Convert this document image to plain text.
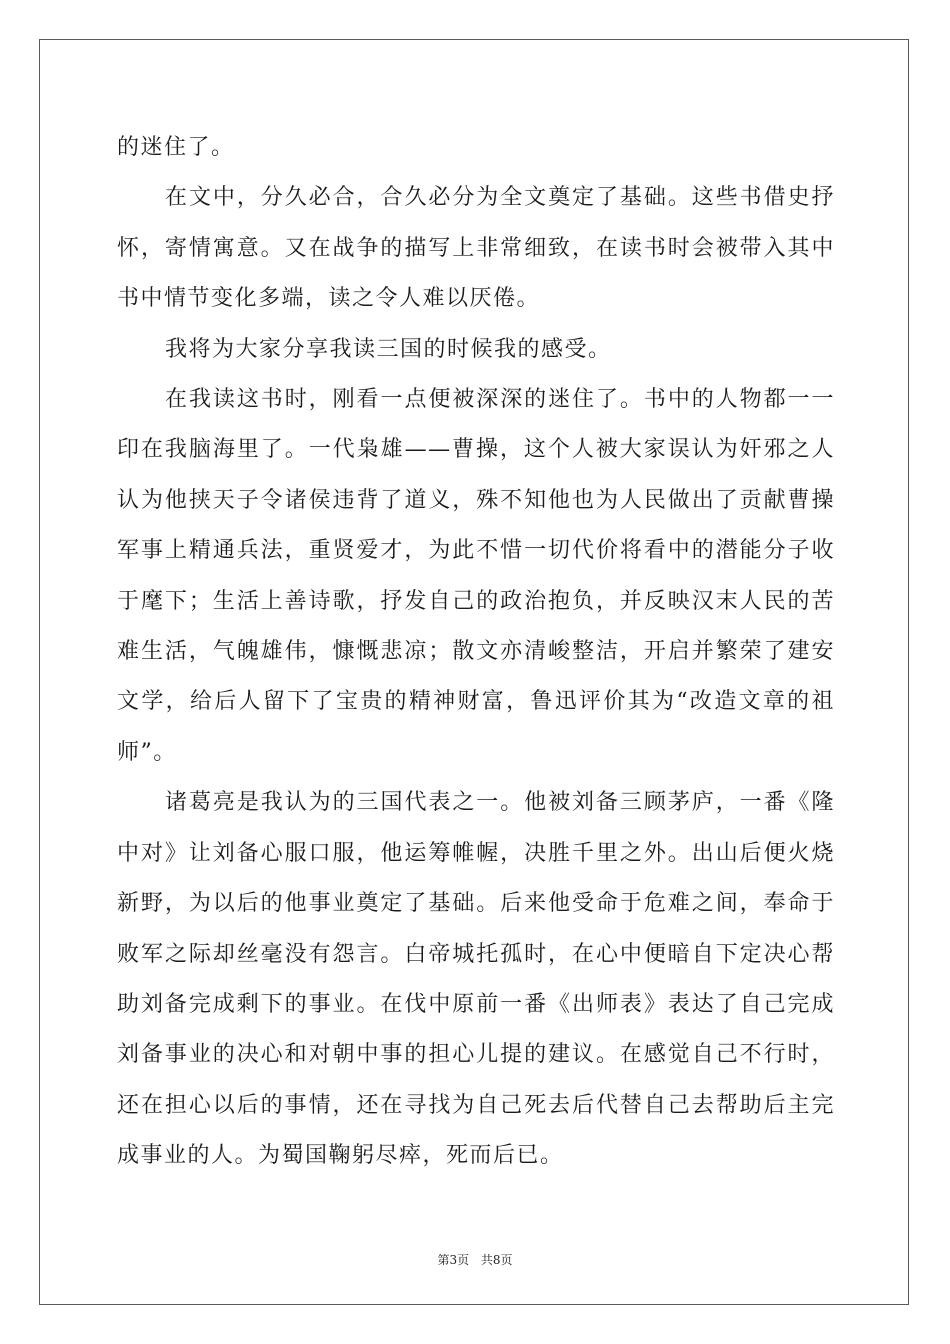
的迷住了。

在文中，分久必合，合久必分为全文奠定了基础。这些书借史抒怀，寄情寓意。又在战争的描写上非常细致，在读书时会被带入其中书中情节变化多端，读之令人难以厌倦。

我将为大家分享我读三国的时候我的感受。

在我读这书时，刚看一点便被深深的迷住了。书中的人物都一一印在我脑海里了。一代枭雄——曹操，这个人被大家误认为奸邪之人认为他挟天子令诸侯违背了道义，殊不知他也为人民做出了贡献曹操军事上精通兵法，重贤爱才，为此不惜一切代价将看中的潜能分子收于麾下；生活上善诗歌，抒发自己的政治抱负，并反映汉末人民的苦难生活，气魄雄伟，慷慨悲凉；散文亦清峻整洁，开启并繁荣了建安文学，给后人留下了宝贵的精神财富，鲁迅评价其为“改造文章的祖师”。

诸葛亮是我认为的三国代表之一。他被刘备三顾茅庐，一番《隆中对》让刘备心服口服，他运筹帷幄，决胜千里之外。出山后便火烧新野，为以后的他事业奠定了基础。后来他受命于危难之间，奉命于败军之际却丝毫没有怨言。白帝城托孤时，在心中便暗自下定决心帮助刘备完成剩下的事业。在伐中原前一番《出师表》表达了自己完成刘备事业的决心和对朝中事的担心儿提的建议。在感觉自己不行时，还在担心以后的事情，还在寻找为自己死去后代替自己去帮助后主完成事业的人。为蜀国鞠躬尽瘁，死而后已。

第3页 共8页
